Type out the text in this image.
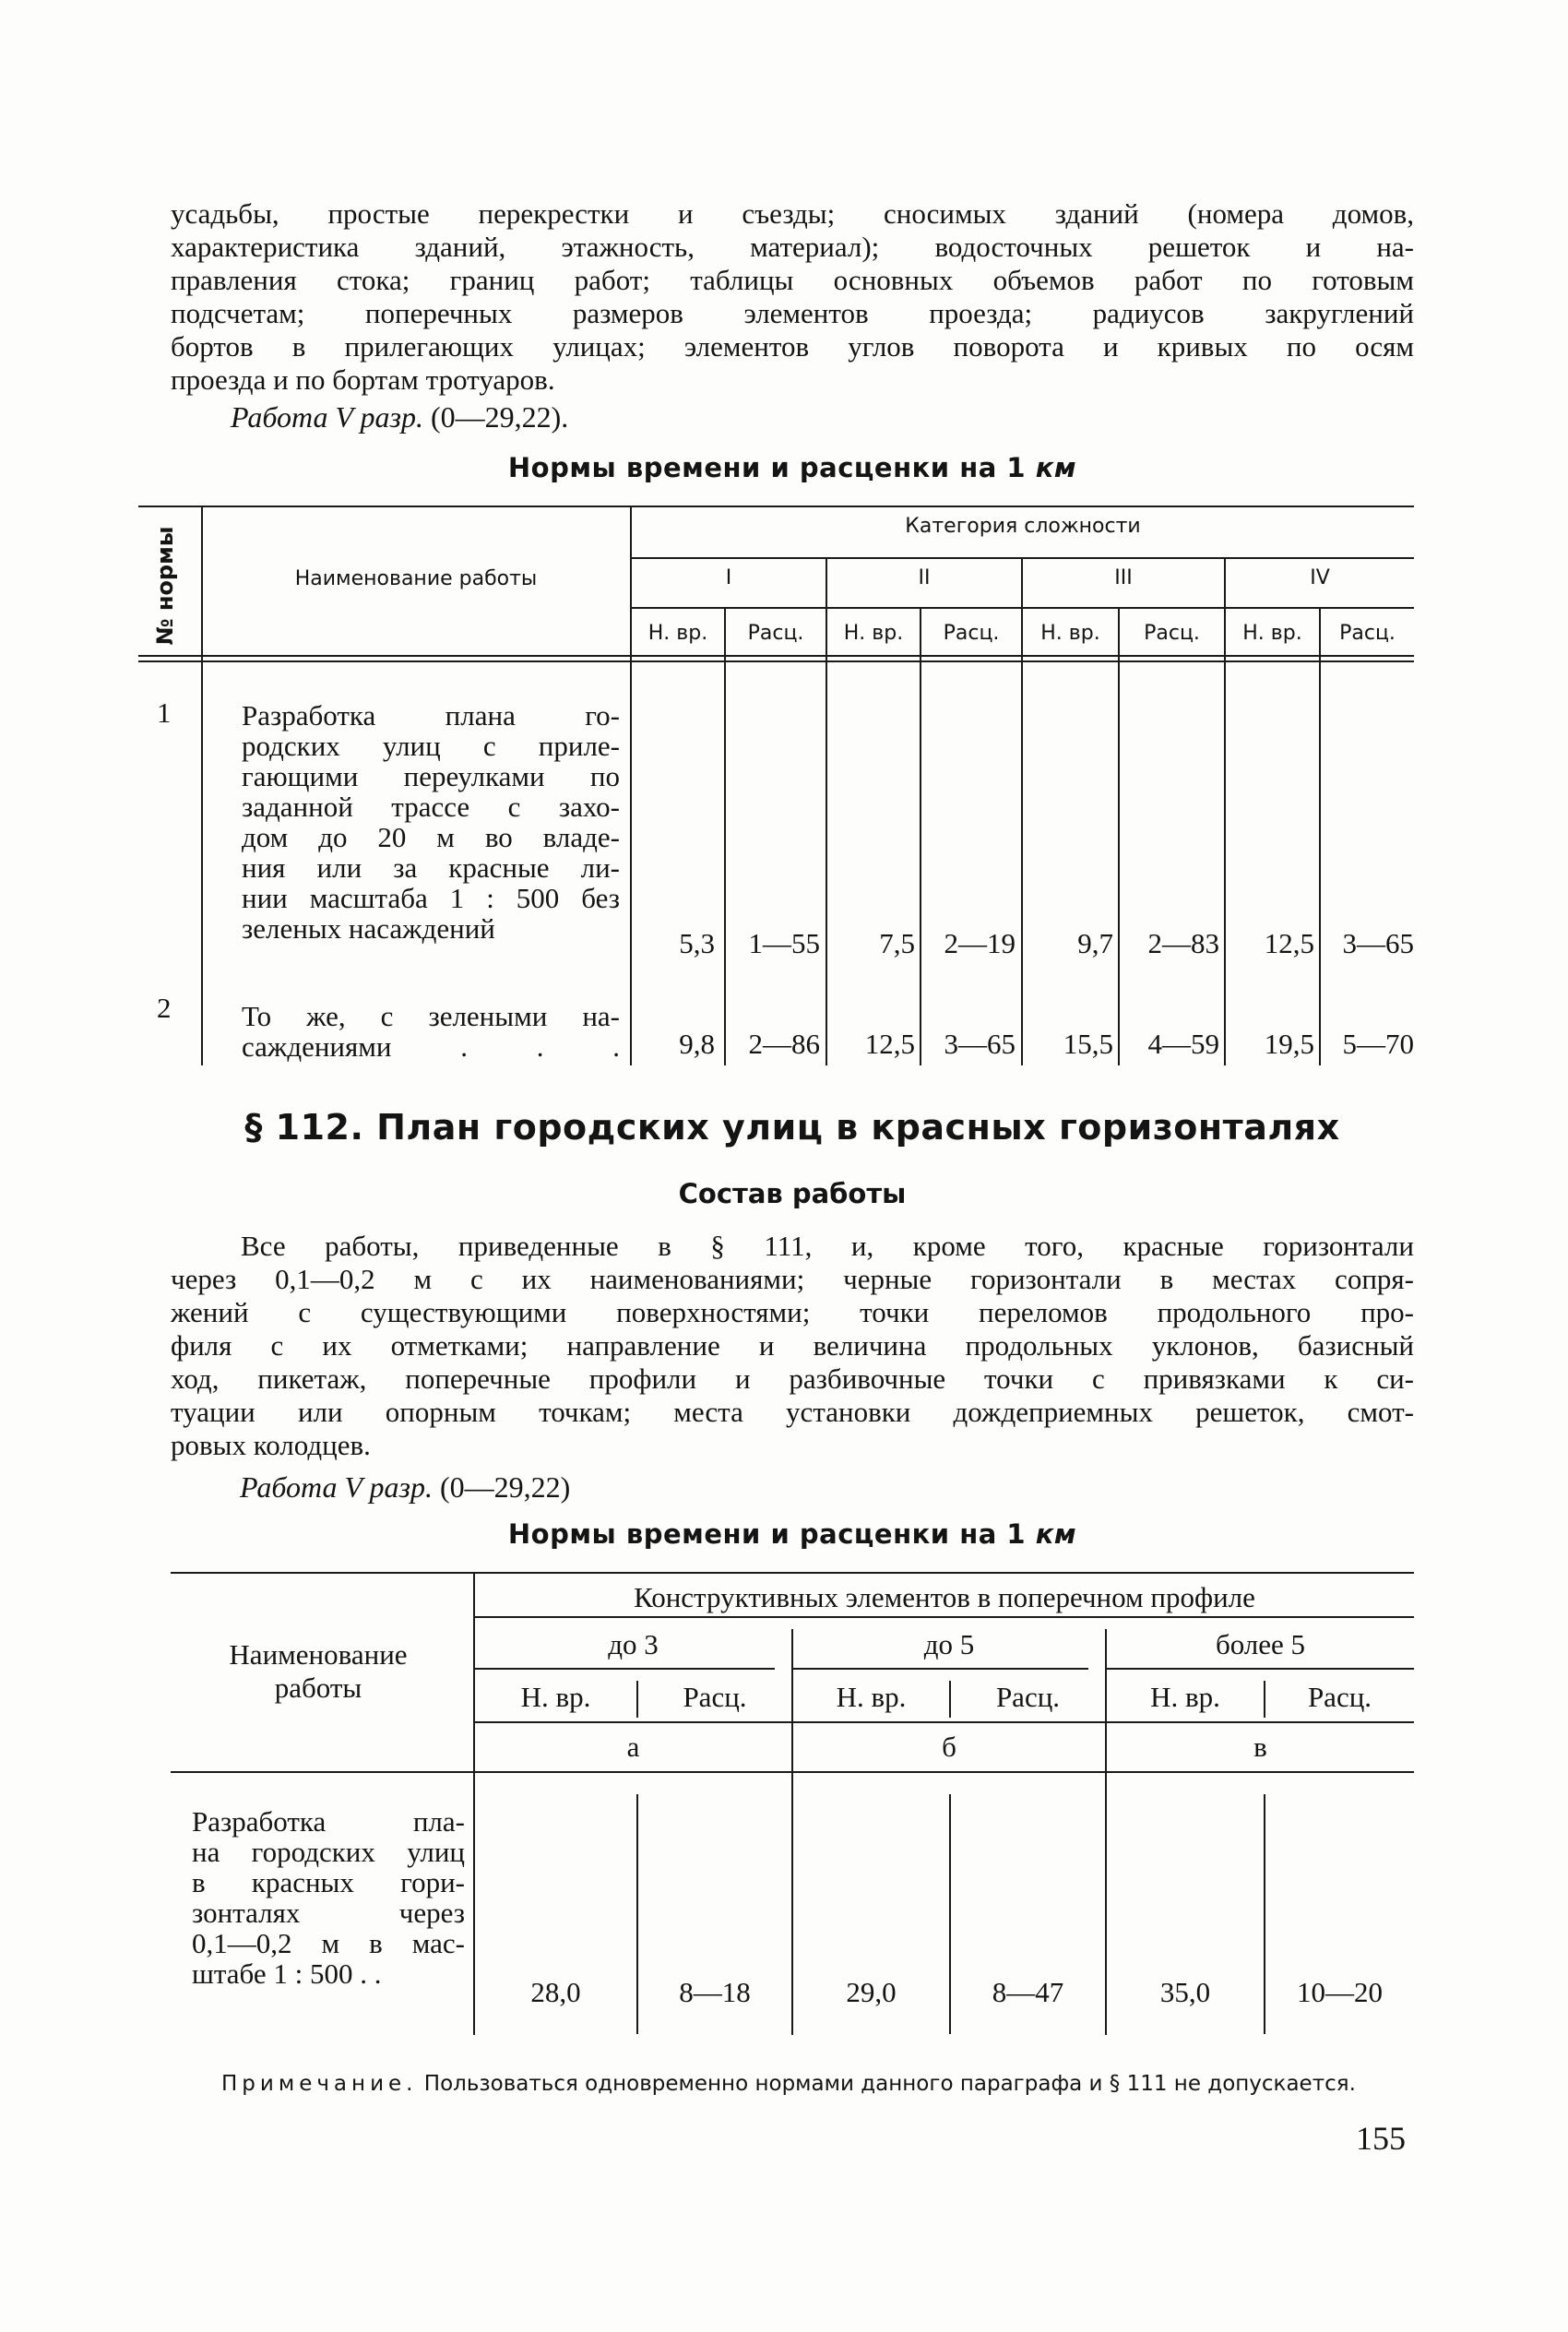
усадьбы, простые перекрестки и съезды; сносимых зданий (номера домов,
характеристика зданий, этажность, материал); водосточных решеток и на-
правления стока; границ работ; таблицы основных объемов работ по готовым
подсчетам; поперечных размеров элементов проезда; радиусов закруглений
бортов в прилегающих улицах; элементов углов поворота и кривых по осям
проезда и по бортам тротуаров.
Работа V разр. (0—29,22).
Нормы времени и расценки на 1 км
№ нормы	Наименование работы
Категория сложности
I	II	III	IV
Н. вр.	Расц.	Н. вр.	Расц.	Н. вр.	Расц.	Н. вр.	Расц.
1	Разработка плана го-
родских улиц с приле-
гающими переулками по
заданной трассе с захо-
дом до 20 м во владе-
ния или за красные ли-
нии масштаба 1 : 500 без
зеленых насаждений	5,3	1—55	7,5	2—19	9,7	2—83	12,5 3—65
2	То же, с зелеными на-
саждениями . . .	9,8	2—86	12,5	3—65	15,5	4—59	19,5 5—70
§ 112. План городских улиц в красных горизонталях
Состав работы
Все работы, приведенные в § 111, и, кроме того, красные горизонтали
через 0,1—0,2 м с их наименованиями; черные горизонтали в местах сопря-
жений с существующими поверхностями; точки переломов продольного про-
филя с их отметками; направление и величина продольных уклонов, базисный
ход, пикетаж, поперечные профили и разбивочные точки с привязками к си-
туации или опорным точкам; места установки дождеприемных решеток, смот-
ровых колодцев.
Работа V разр. (0—29,22)
Нормы времени и расценки на 1 км
Наименование
работы
Конструктивных элементов в поперечном профиле
до 3	до 5	более 5
Н. вр.	Расц.	Н. вр.	Расц.	Н. вр.	Расц.
а	б	в
Разработка пла-
на городских улиц
в красных гори-
зонталях через
0,1—0,2 м в мас-
штабе 1 : 500 . .
28,0	8—18	29,0	8—47	35,0	10—20
Примечание. Пользоваться одновременно нормами данного параграфа и § 111 не допускается.
155
